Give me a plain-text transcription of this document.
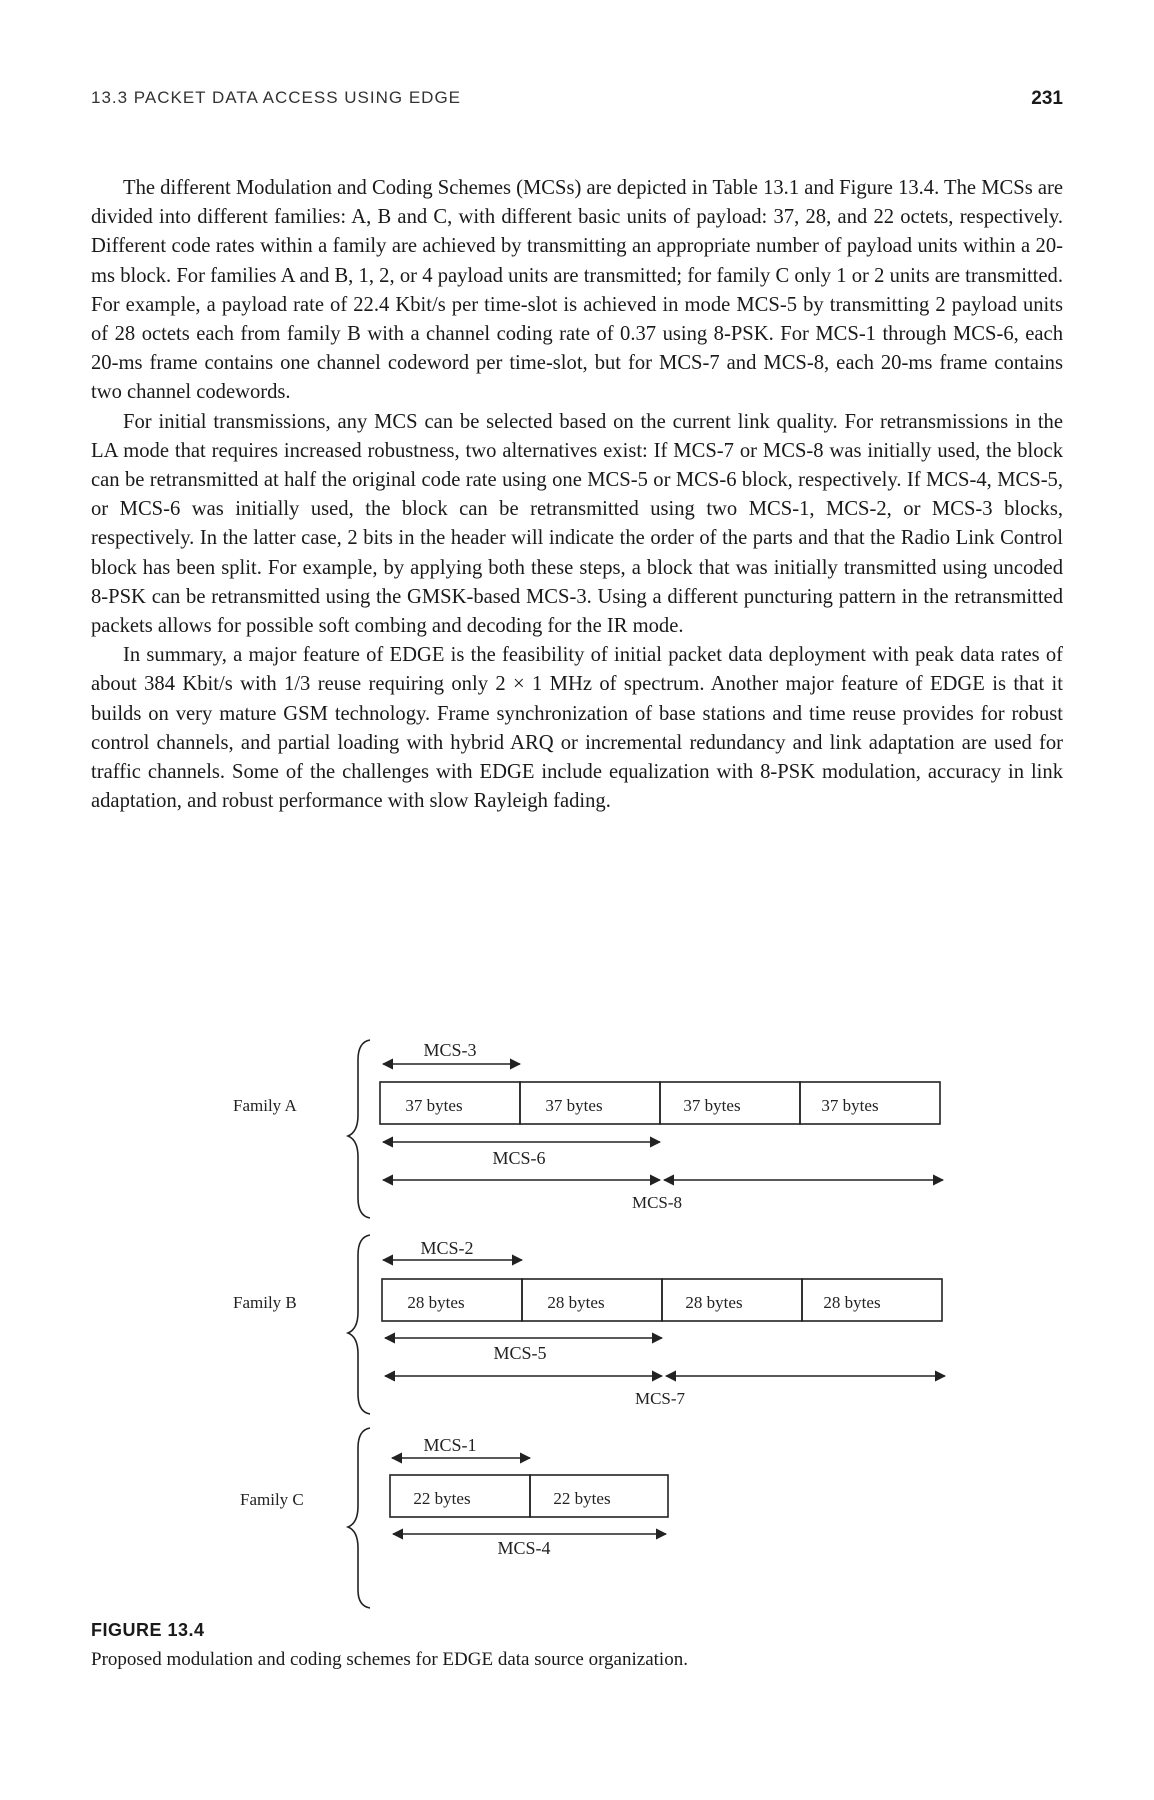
13.3 PACKET DATA ACCESS USING EDGE	231

The different Modulation and Coding Schemes (MCSs) are depicted in Table 13.1 and Figure 13.4. The MCSs are divided into different families: A, B and C, with different basic units of payload: 37, 28, and 22 octets, respectively. Different code rates within a family are achieved by transmitting an appropriate number of payload units within a 20-ms block. For families A and B, 1, 2, or 4 payload units are transmitted; for family C only 1 or 2 units are transmitted. For example, a payload rate of 22.4 Kbit/s per time-slot is achieved in mode MCS-5 by transmitting 2 payload units of 28 octets each from family B with a channel coding rate of 0.37 using 8-PSK. For MCS-1 through MCS-6, each 20-ms frame contains one channel codeword per time-slot, but for MCS-7 and MCS-8, each 20-ms frame contains two channel codewords.

For initial transmissions, any MCS can be selected based on the current link quality. For retransmissions in the LA mode that requires increased robustness, two alternatives exist: If MCS-7 or MCS-8 was initially used, the block can be retransmitted at half the original code rate using one MCS-5 or MCS-6 block, respectively. If MCS-4, MCS-5, or MCS-6 was initially used, the block can be retransmitted using two MCS-1, MCS-2, or MCS-3 blocks, respectively. In the latter case, 2 bits in the header will indicate the order of the parts and that the Radio Link Control block has been split. For example, by applying both these steps, a block that was initially transmitted using uncoded 8-PSK can be retransmitted using the GMSK-based MCS-3. Using a different puncturing pattern in the retransmitted packets allows for possible soft combing and decoding for the IR mode.

In summary, a major feature of EDGE is the feasibility of initial packet data deployment with peak data rates of about 384 Kbit/s with 1/3 reuse requiring only 2 × 1 MHz of spectrum. Another major feature of EDGE is that it builds on very mature GSM technology. Frame synchronization of base stations and time reuse provides for robust control channels, and partial loading with hybrid ARQ or incremental redundancy and link adaptation are used for traffic channels. Some of the challenges with EDGE include equalization with 8-PSK modulation, accuracy in link adaptation, and robust performance with slow Rayleigh fading.

Family A
MCS-3
37 bytes	37 bytes	37 bytes	37 bytes
MCS-6
MCS-8
Family B
MCS-2
28 bytes	28 bytes	28 bytes	28 bytes
MCS-5
MCS-7
Family C
MCS-1
22 bytes	22 bytes
MCS-4
FIGURE 13.4
Proposed modulation and coding schemes for EDGE data source organization.
